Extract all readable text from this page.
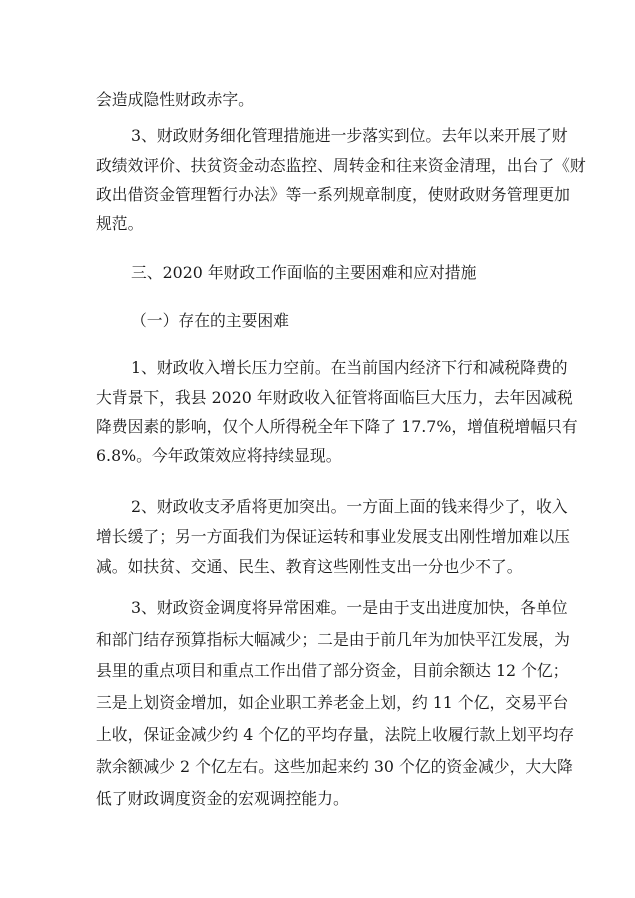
会造成隐性财政赤字。
3、财政财务细化管理措施进一步落实到位。去年以来开展了财
政绩效评价、扶贫资金动态监控、周转金和往来资金清理，出台了《财
政出借资金管理暂行办法》等一系列规章制度，使财政财务管理更加
规范。
三、2020 年财政工作面临的主要困难和应对措施
（一）存在的主要困难
1、财政收入增长压力空前。在当前国内经济下行和减税降费的
大背景下，我县 2020 年财政收入征管将面临巨大压力，去年因减税
降费因素的影响，仅个人所得税全年下降了 17.7%，增值税增幅只有
6.8%。今年政策效应将持续显现。
2、财政收支矛盾将更加突出。一方面上面的钱来得少了，收入
增长缓了；另一方面我们为保证运转和事业发展支出刚性增加难以压
减。如扶贫、交通、民生、教育这些刚性支出一分也少不了。
3、财政资金调度将异常困难。一是由于支出进度加快，各单位
和部门结存预算指标大幅减少；二是由于前几年为加快平江发展，为
县里的重点项目和重点工作出借了部分资金，目前余额达 12 个亿；
三是上划资金增加，如企业职工养老金上划，约 11 个亿，交易平台
上收，保证金减少约 4 个亿的平均存量，法院上收履行款上划平均存
款余额减少 2 个亿左右。这些加起来约 30 个亿的资金减少，大大降
低了财政调度资金的宏观调控能力。
